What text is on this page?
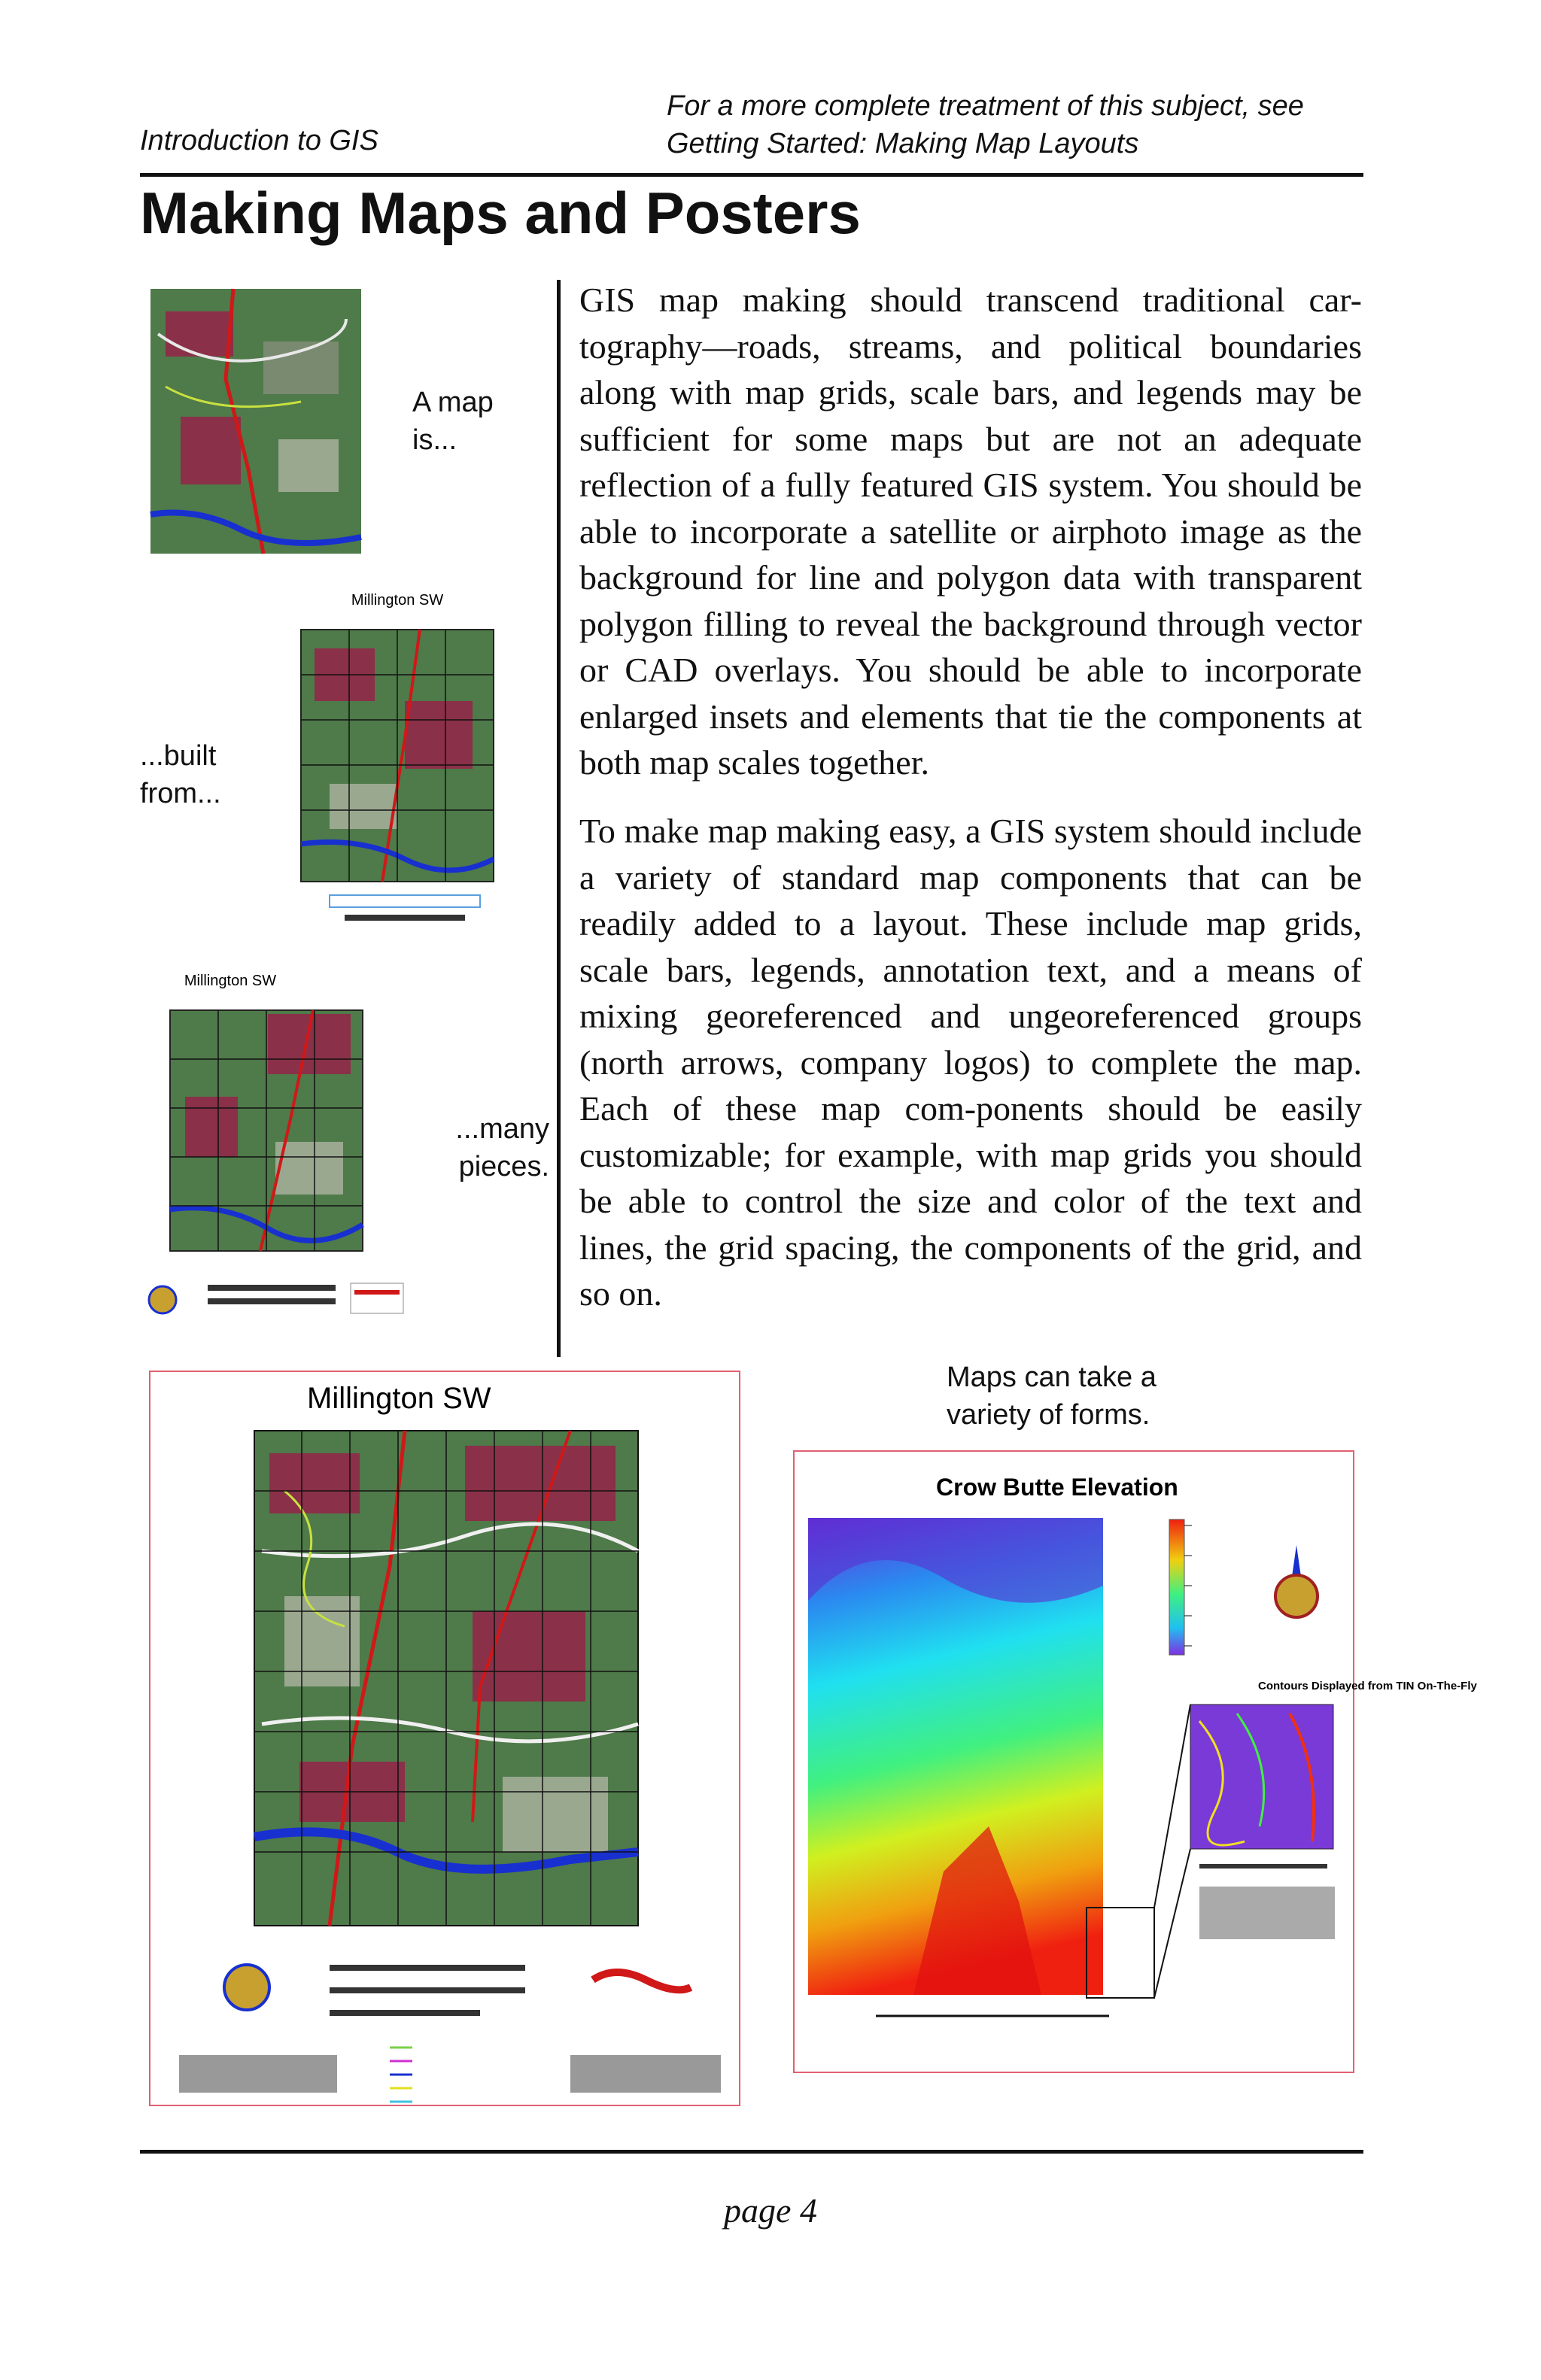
For a more complete treatment of this subject, see
Getting Started: Making Map Layouts
Introduction to GIS
Making Maps and Posters
GIS map making should transcend traditional car-tography—roads, streams, and political boundaries along with map grids, scale bars, and legends may be sufficient for some maps but are not an adequate reflection of a fully featured GIS system. You should be able to incorporate a satellite or airphoto image as the background for line and polygon data with transparent polygon filling to reveal the background through vector or CAD overlays. You should be able to incorporate enlarged insets and elements that tie the components at both map scales together.
To make map making easy, a GIS system should include a variety of standard map components that can be readily added to a layout. These include map grids, scale bars, legends, annotation text, and a means of mixing georeferenced and ungeoreferenced groups (north arrows, company logos) to complete the map. Each of these map com-ponents should be easily customizable; for example, with map grids you should be able to control the size and color of the text and lines, the grid spacing, the components of the grid, and so on.
A map is...
Millington SW
...built from...
Millington SW
...many pieces.
Millington SW
Maps can take a variety of forms.
Crow Butte Elevation
Contours Displayed from TIN On-The-Fly
page 4
